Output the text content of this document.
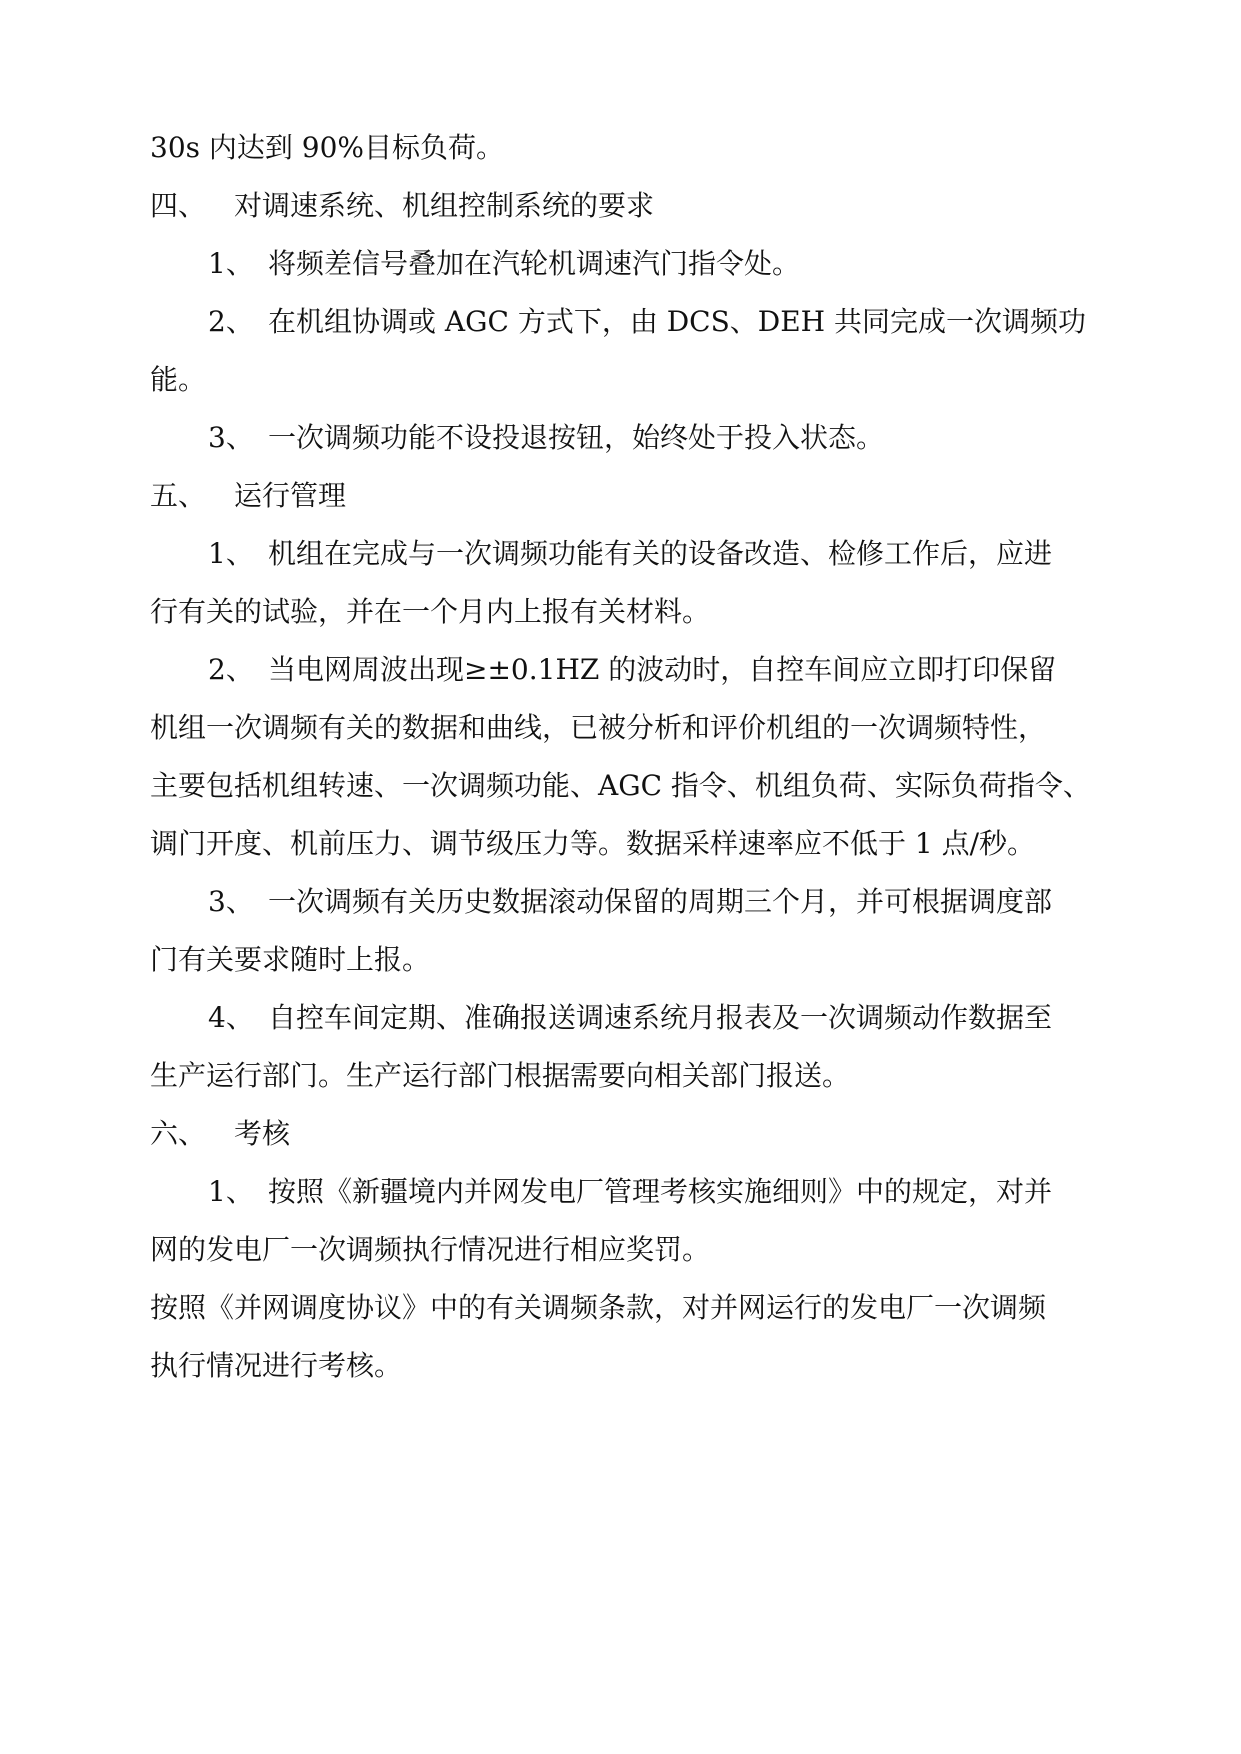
30s 内达到 90%目标负荷。
四、 对调速系统、机组控制系统的要求
1、 将频差信号叠加在汽轮机调速汽门指令处。
2、 在机组协调或 AGC 方式下，由 DCS、DEH 共同完成一次调频功
能。
3、 一次调频功能不设投退按钮，始终处于投入状态。
五、 运行管理
1、 机组在完成与一次调频功能有关的设备改造、检修工作后，应进
行有关的试验，并在一个月内上报有关材料。
2、 当电网周波出现≥±0.1HZ 的波动时，自控车间应立即打印保留
机组一次调频有关的数据和曲线，已被分析和评价机组的一次调频特性，
主要包括机组转速、一次调频功能、AGC 指令、机组负荷、实际负荷指令、
调门开度、机前压力、调节级压力等。数据采样速率应不低于 1 点/秒。
3、 一次调频有关历史数据滚动保留的周期三个月，并可根据调度部
门有关要求随时上报。
4、 自控车间定期、准确报送调速系统月报表及一次调频动作数据至
生产运行部门。生产运行部门根据需要向相关部门报送。
六、 考核
1、 按照《新疆境内并网发电厂管理考核实施细则》中的规定，对并
网的发电厂一次调频执行情况进行相应奖罚。
按照《并网调度协议》中的有关调频条款，对并网运行的发电厂一次调频
执行情况进行考核。
